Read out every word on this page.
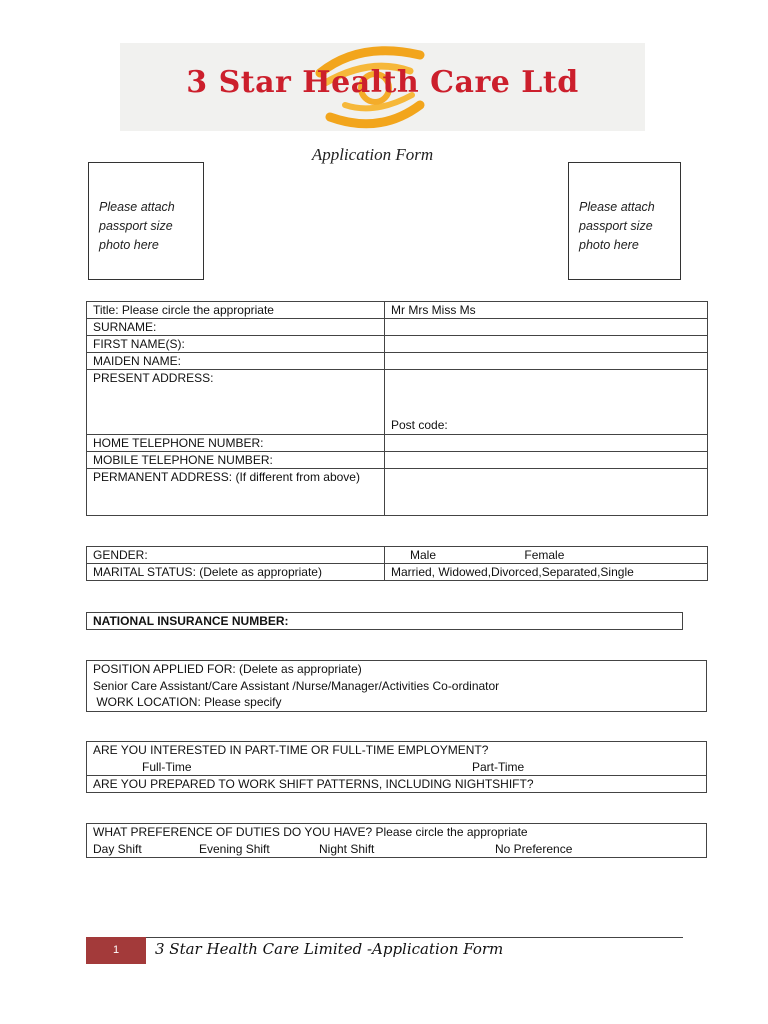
3 Star Health Care Ltd
Application Form
Please attach
passport size
photo here
Please attach
passport size
photo here
Title: Please circle the appropriate	Mr Mrs Miss Ms
SURNAME:	
FIRST NAME(S):	
MAIDEN NAME:	
PRESENT ADDRESS:	Post code:
HOME TELEPHONE NUMBER:	
MOBILE TELEPHONE NUMBER:	
PERMANENT ADDRESS: (If different from above)	
GENDER:	Male Female
MARITAL STATUS: (Delete as appropriate)	Married, Widowed,Divorced,Separated,Single
NATIONAL INSURANCE NUMBER:
POSITION APPLIED FOR: (Delete as appropriate)
Senior Care Assistant/Care Assistant /Nurse/Manager/Activities Co-ordinator
WORK LOCATION: Please specify
ARE YOU INTERESTED IN PART-TIME OR FULL-TIME EMPLOYMENT?
Full-Time	Part-Time

ARE YOU PREPARED TO WORK SHIFT PATTERNS, INCLUDING NIGHTSHIFT?
WHAT PREFERENCE OF DUTIES DO YOU HAVE? Please circle the appropriate
Day Shift	Evening Shift	Night Shift	No Preference
1	3 Star Health Care Limited -Application Form
